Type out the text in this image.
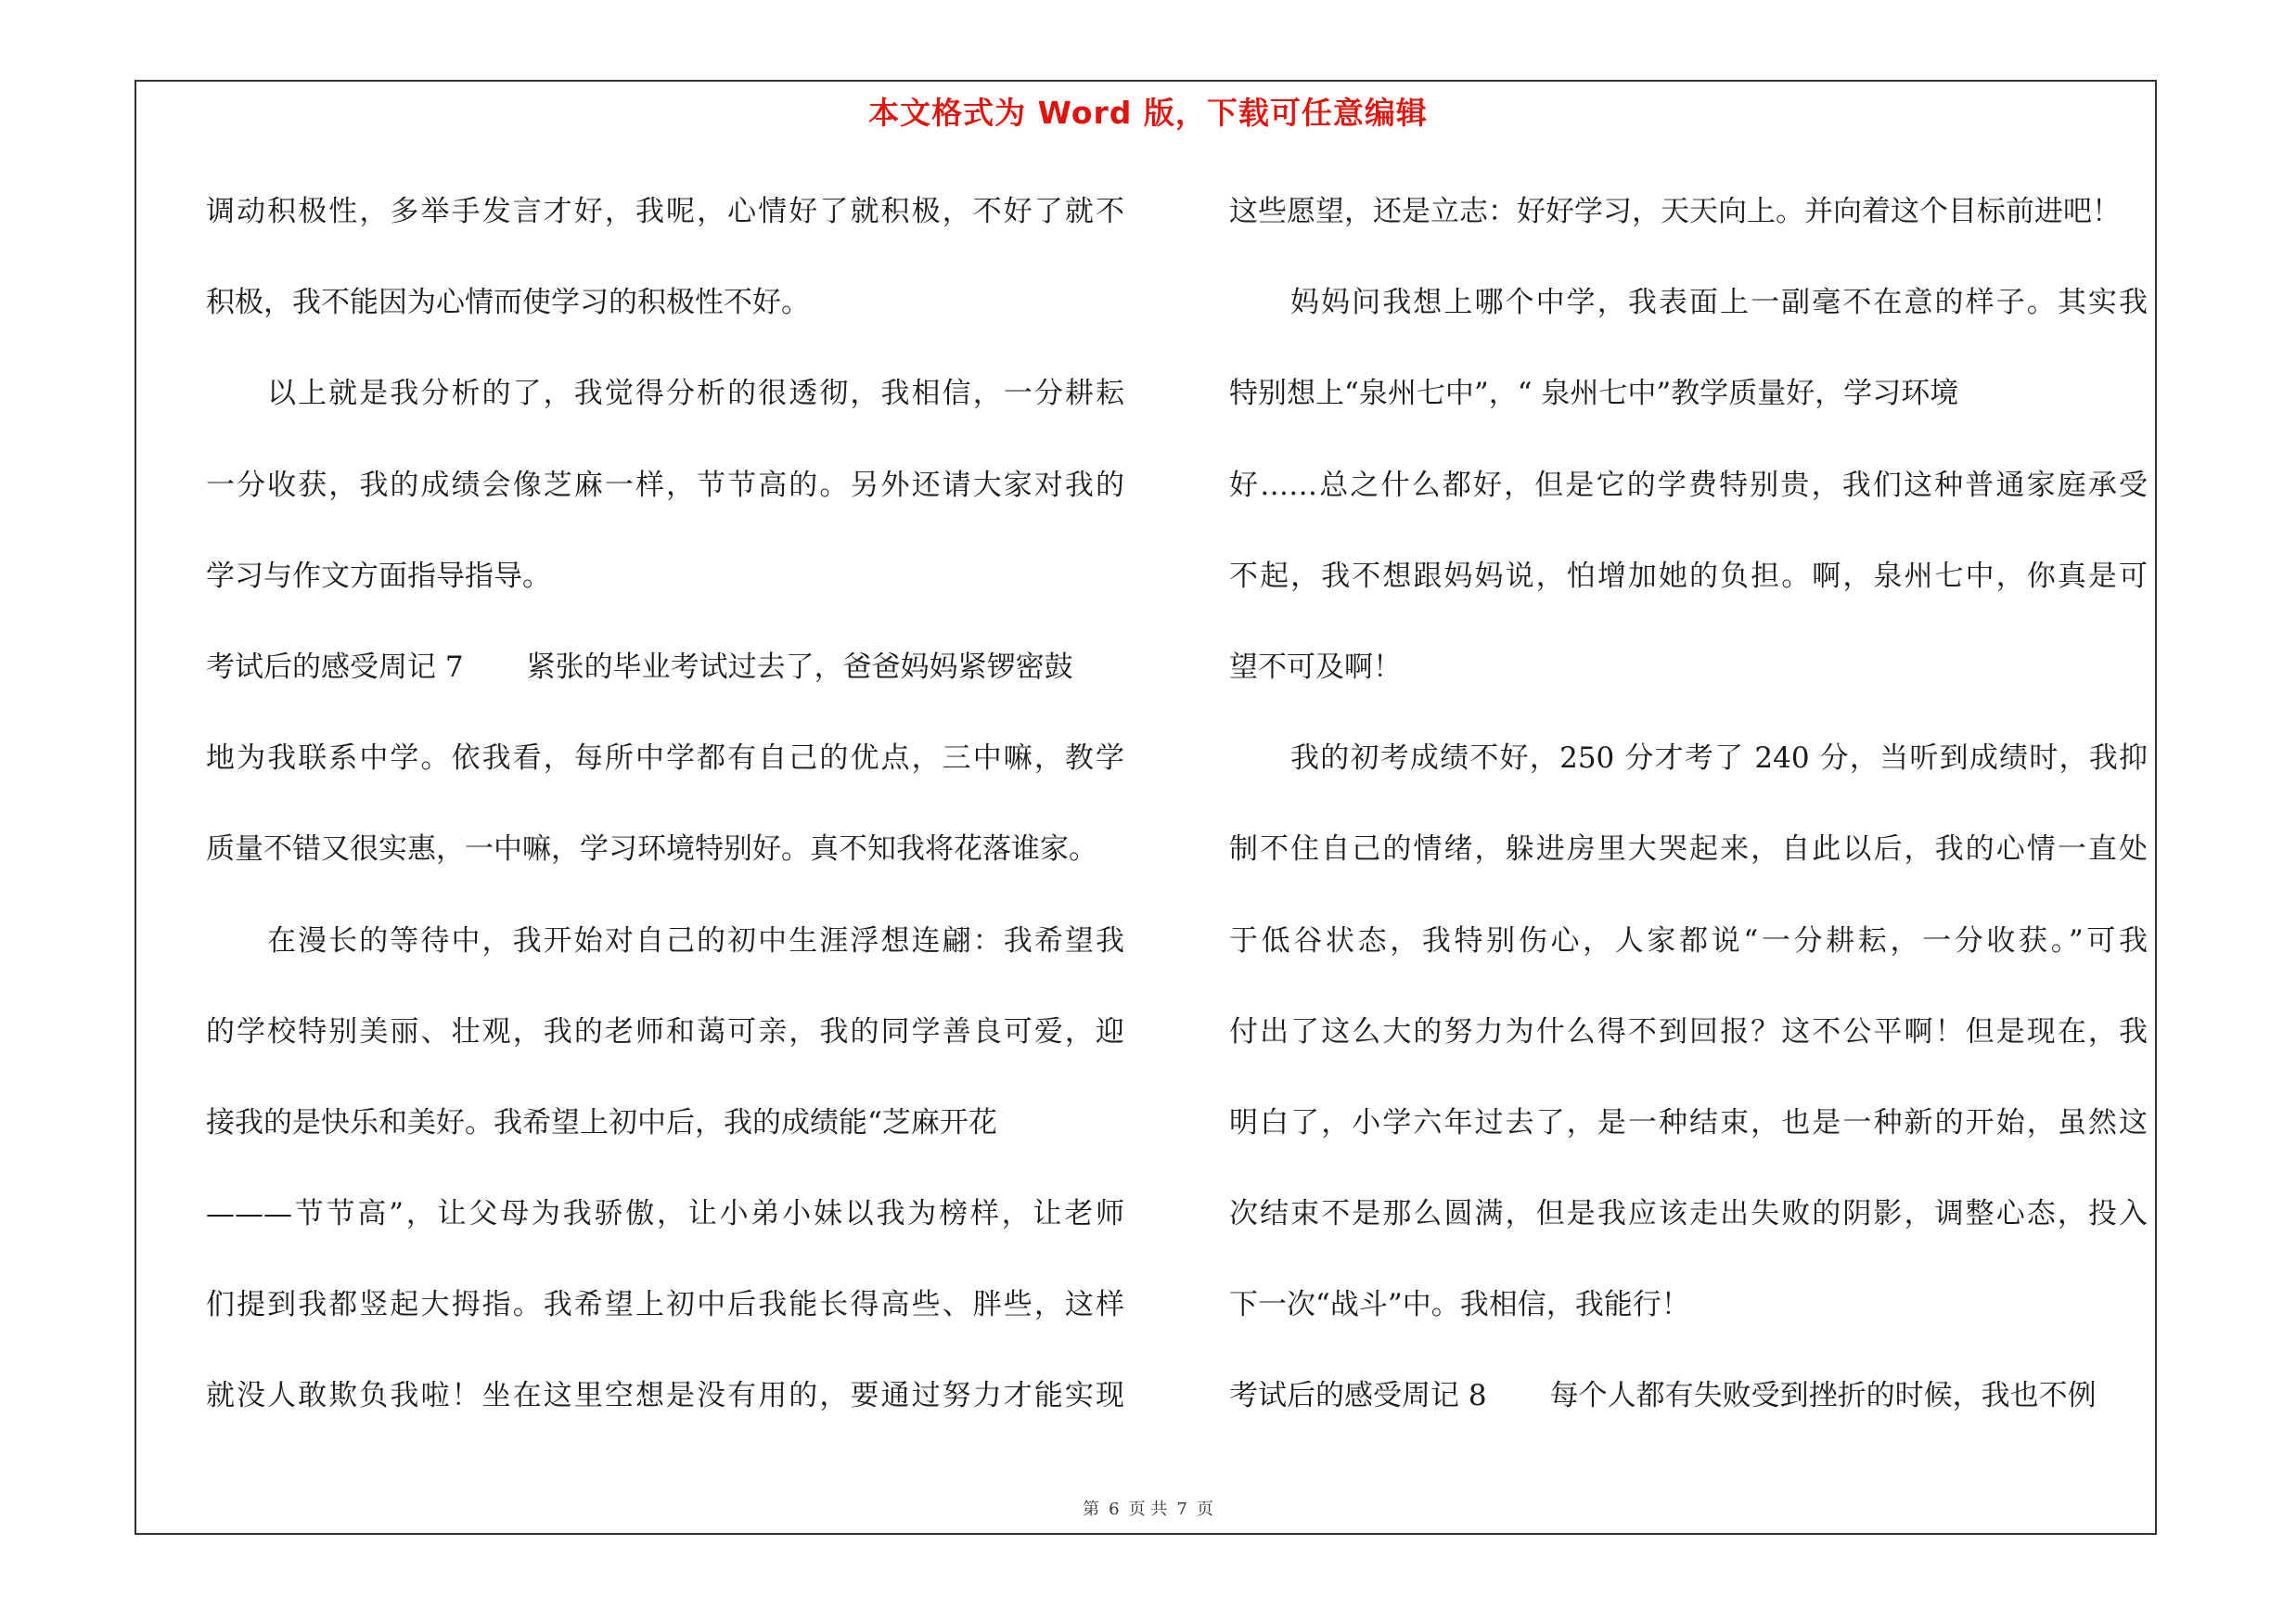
本文格式为 Word 版，下载可任意编辑
调动积极性，多举手发言才好，我呢，心情好了就积极，不好了就不
积极，我不能因为心情而使学习的积极性不好。
以上就是我分析的了，我觉得分析的很透彻，我相信，一分耕耘
一分收获，我的成绩会像芝麻一样，节节高的。另外还请大家对我的
学习与作文方面指导指导。
考试后的感受周记 7 紧张的毕业考试过去了，爸爸妈妈紧锣密鼓
地为我联系中学。依我看，每所中学都有自己的优点，三中嘛，教学
质量不错又很实惠，一中嘛，学习环境特别好。真不知我将花落谁家。
在漫长的等待中，我开始对自己的初中生涯浮想连翩：我希望我
的学校特别美丽、壮观，我的老师和蔼可亲，我的同学善良可爱，迎
接我的是快乐和美好。我希望上初中后，我的成绩能“芝麻开花
———节节高”，让父母为我骄傲，让小弟小妹以我为榜样，让老师
们提到我都竖起大拇指。我希望上初中后我能长得高些、胖些，这样
就没人敢欺负我啦！坐在这里空想是没有用的，要通过努力才能实现
这些愿望，还是立志：好好学习，天天向上。并向着这个目标前进吧！
妈妈问我想上哪个中学，我表面上一副毫不在意的样子。其实我
特别想上“泉州七中”，“ 泉州七中”教学质量好，学习环境
好……总之什么都好，但是它的学费特别贵，我们这种普通家庭承受
不起，我不想跟妈妈说，怕增加她的负担。啊，泉州七中，你真是可
望不可及啊！
我的初考成绩不好，250 分才考了 240 分，当听到成绩时，我抑
制不住自己的情绪，躲进房里大哭起来，自此以后，我的心情一直处
于低谷状态，我特别伤心，人家都说“一分耕耘，一分收获。”可我
付出了这么大的努力为什么得不到回报？这不公平啊！但是现在，我
明白了，小学六年过去了，是一种结束，也是一种新的开始，虽然这
次结束不是那么圆满，但是我应该走出失败的阴影，调整心态，投入
下一次“战斗”中。我相信，我能行！
考试后的感受周记 8 每个人都有失败受到挫折的时候，我也不例
第 6 页 共 7 页
